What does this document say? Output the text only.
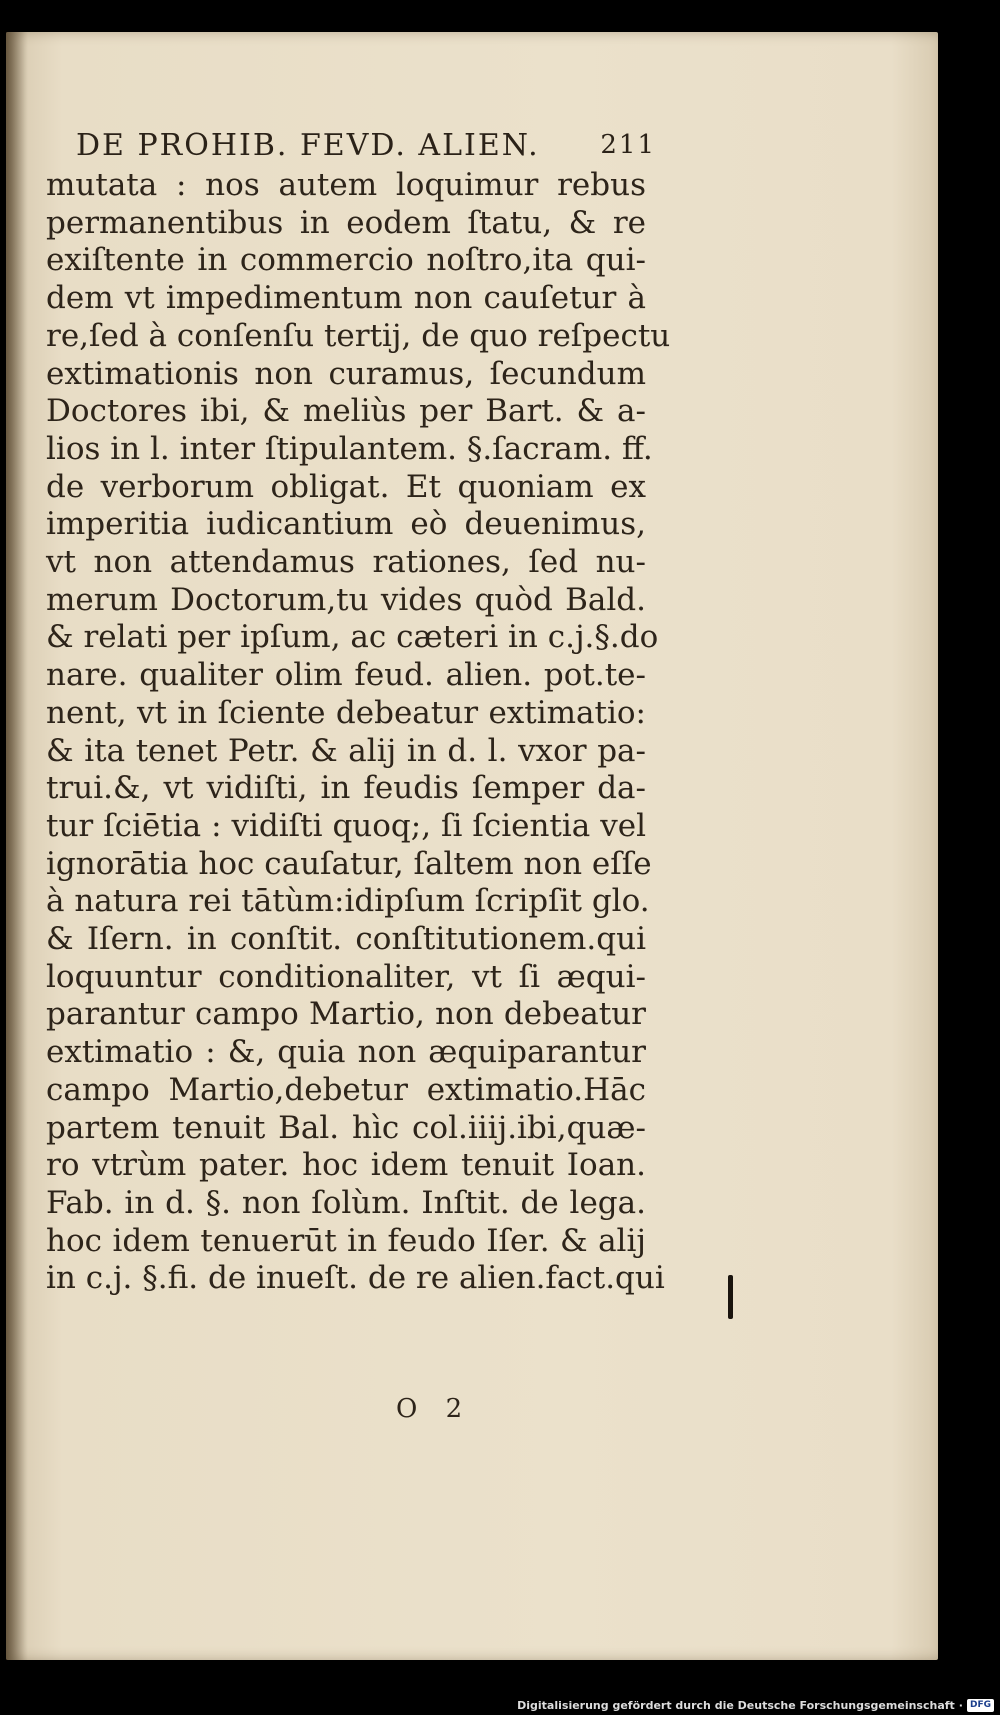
DE PROHIB. FEVD. ALIEN. 211
mutata : nos autem loquimur rebus
permanentibus in eodem ſtatu, & re
exiſtente in commercio noſtro,ita qui-
dem vt impedimentum non cauſetur à
re,ſed à conſenſu tertij, de quo reſpectu
extimationis non curamus, ſecundum
Doctores ibi, & meliùs per Bart. & a-
lios in l. inter ſtipulantem. §.ſacram. ff.
de verborum obligat. Et quoniam ex
imperitia iudicantium eò deuenimus,
vt non attendamus rationes, ſed nu-
merum Doctorum,tu vides quòd Bald.
& relati per ipſum, ac cæteri in c.j.§.do
nare. qualiter olim feud. alien. pot.te-
nent, vt in ſciente debeatur extimatio:
& ita tenet Petr. & alij in d. l. vxor pa-
trui.&, vt vidiſti, in feudis ſemper da-
tur ſciētia : vidiſti quoq;, ſi ſcientia vel
ignorātia hoc cauſatur, ſaltem non eſſe
à natura rei tātùm:idipſum ſcripſit glo.
& Iſern. in conſtit. conſtitutionem.qui
loquuntur conditionaliter, vt ſi æqui-
parantur campo Martio, non debeatur
extimatio : &, quia non æquiparantur
campo Martio,debetur extimatio.Hāc
partem tenuit Bal. hìc col.iiij.ibi,quæ-
ro vtrùm pater. hoc idem tenuit Ioan.
Fab. in d. §. non ſolùm. Inſtit. de lega.
hoc idem tenuerūt in feudo Iſer. & alij
in c.j. §.fi. de inueſt. de re alien.fact.qui
O 2
Digitalisierung gefördert durch die Deutsche Forschungsgemeinschaft · DFG
